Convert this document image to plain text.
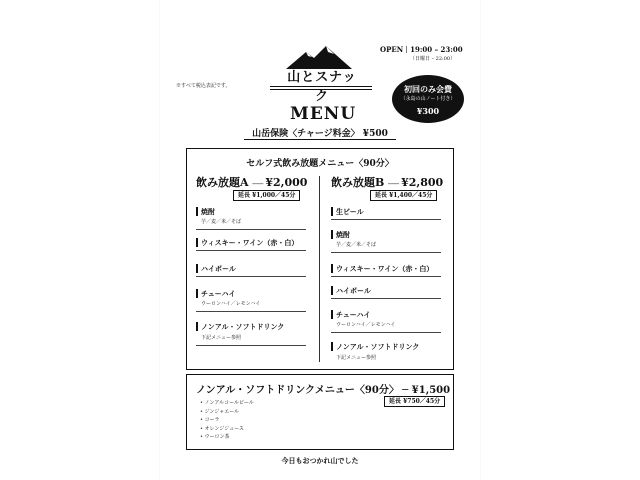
山とスナック
※すべて税込表記です。
OPEN｜19:00 – 23:00
（日曜日 – 22:00）
初回のみ会費
（永島の山ノート付き）
¥300
MENU
山岳保険〈チャージ料金〉 ¥500
セルフ式飲み放題メニュー〈90分〉
飲み放題A ─── ¥2,000
延長 ¥1,000／45分
飲み放題B ─── ¥2,800
延長 ¥1,400／45分
焼酎
芋／麦／米／そば
ウィスキー・ワイン（赤・白）
ハイボール
チューハイ
ウーロンハイ／レモンハイ
ノンアル・ソフトドリンク
下記メニュー参照
生ビール
焼酎
芋／麦／米／そば
ウィスキー・ワイン（赤・白）
ハイボール
チューハイ
ウーロンハイ／レモンハイ
ノンアル・ソフトドリンク
下記メニュー参照
ノンアル・ソフトドリンクメニュー〈90分〉 ─ ¥1,500
延長 ¥750／45分
• ノンアルコールビール
• ジンジャエール
• コーラ
• オレンジジュース
• ウーロン茶
今日もおつかれ山でした
